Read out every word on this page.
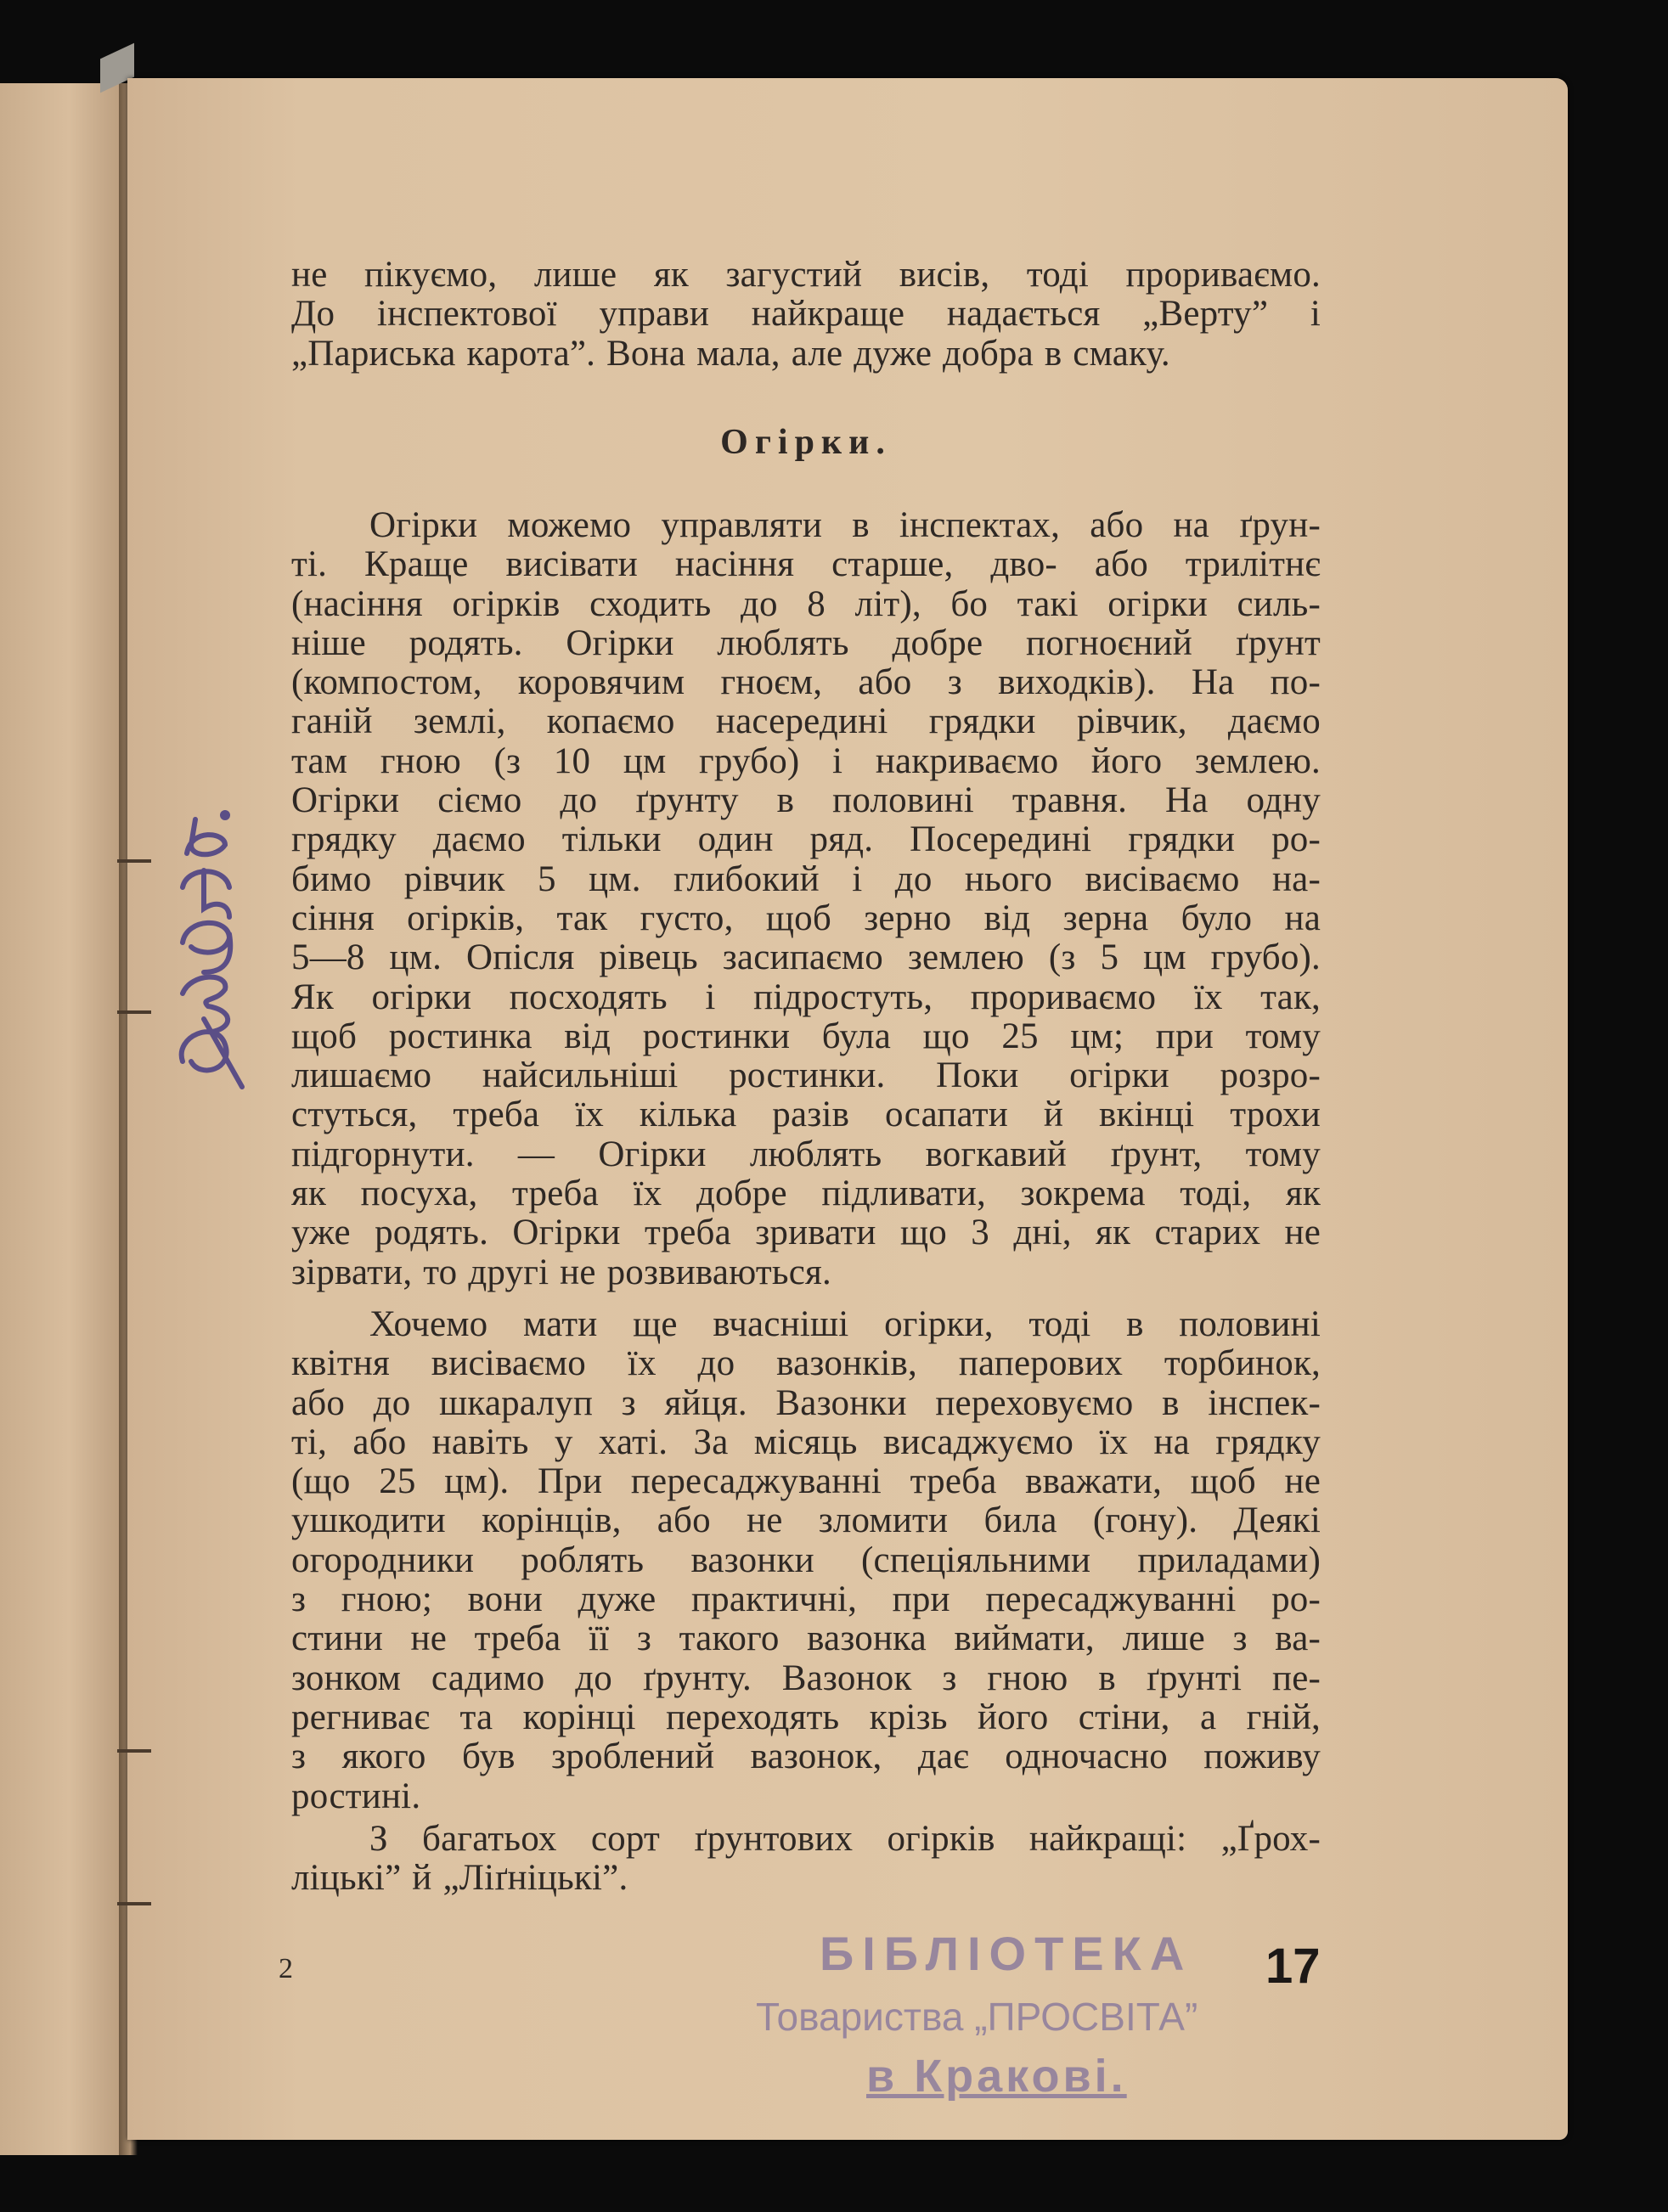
не пікуємо, лише як загустий висів, тоді прориваємо.

До інспектової управи найкраще надається „Верту” і

„Париська карота”. Вона мала, але дуже добра в смаку.

Огірки.

Огірки можемо управляти в інспектах, або на ґрун-

ті. Краще висівати насіння старше, дво- або трилітнє

(насіння огірків сходить до 8 літ), бо такі огірки силь-

ніше родять. Огірки люблять добре погноєний ґрунт

(компостом, коровячим гноєм, або з виходків). На по-

ганій землі, копаємо насередині грядки рівчик, даємо

там гною (з 10 цм грубо) і накриваємо його землею.

Огірки сіємо до ґрунту в половині травня. На одну

грядку даємо тільки один ряд. Посередині грядки ро-

бимо рівчик 5 цм. глибокий і до нього висіваємо на-

сіння огірків, так густо, щоб зерно від зерна було на

5—8 цм. Опісля рівець засипаємо землею (з 5 цм грубо).

Як огірки посходять і підростуть, прориваємо їх так,

щоб ростинка від ростинки була що 25 цм; при тому

лишаємо найсильніші ростинки. Поки огірки розро-

стуться, треба їх кілька разів осапати й вкінці трохи

підгорнути. — Огірки люблять вогкавий ґрунт, тому

як посуха, треба їх добре підливати, зокрема тоді, як

уже родять. Огірки треба зривати що 3 дні, як старих не

зірвати, то другі не розвиваються.

Хочемо мати ще вчасніші огірки, тоді в половині

квітня висіваємо їх до вазонків, паперових торбинок,

або до шкаралуп з яйця. Вазонки переховуємо в інспек-

ті, або навіть у хаті. За місяць висаджуємо їх на грядку

(що 25 цм). При пересаджуванні треба вважати, щоб не

ушкодити корінців, або не зломити била (гону). Деякі

огородники роблять вазонки (спеціяльними приладами)

з гною; вони дуже практичні, при пересаджуванні ро-

стини не треба її з такого вазонка виймати, лише з ва-

зонком садимо до ґрунту. Вазонок з гною в ґрунті пе-

регниває та корінці переходять крізь його стіни, а гній,

з якого був зроблений вазонок, дає одночасно поживу

ростині.

З багатьох сорт ґрунтових огірків найкращі: „Ґрох-

ліцькі” й „Ліґніцькі”.

2	БІБЛІОТЕКА
Товариства „ПРОСВІТА”
в Кракові.
17
